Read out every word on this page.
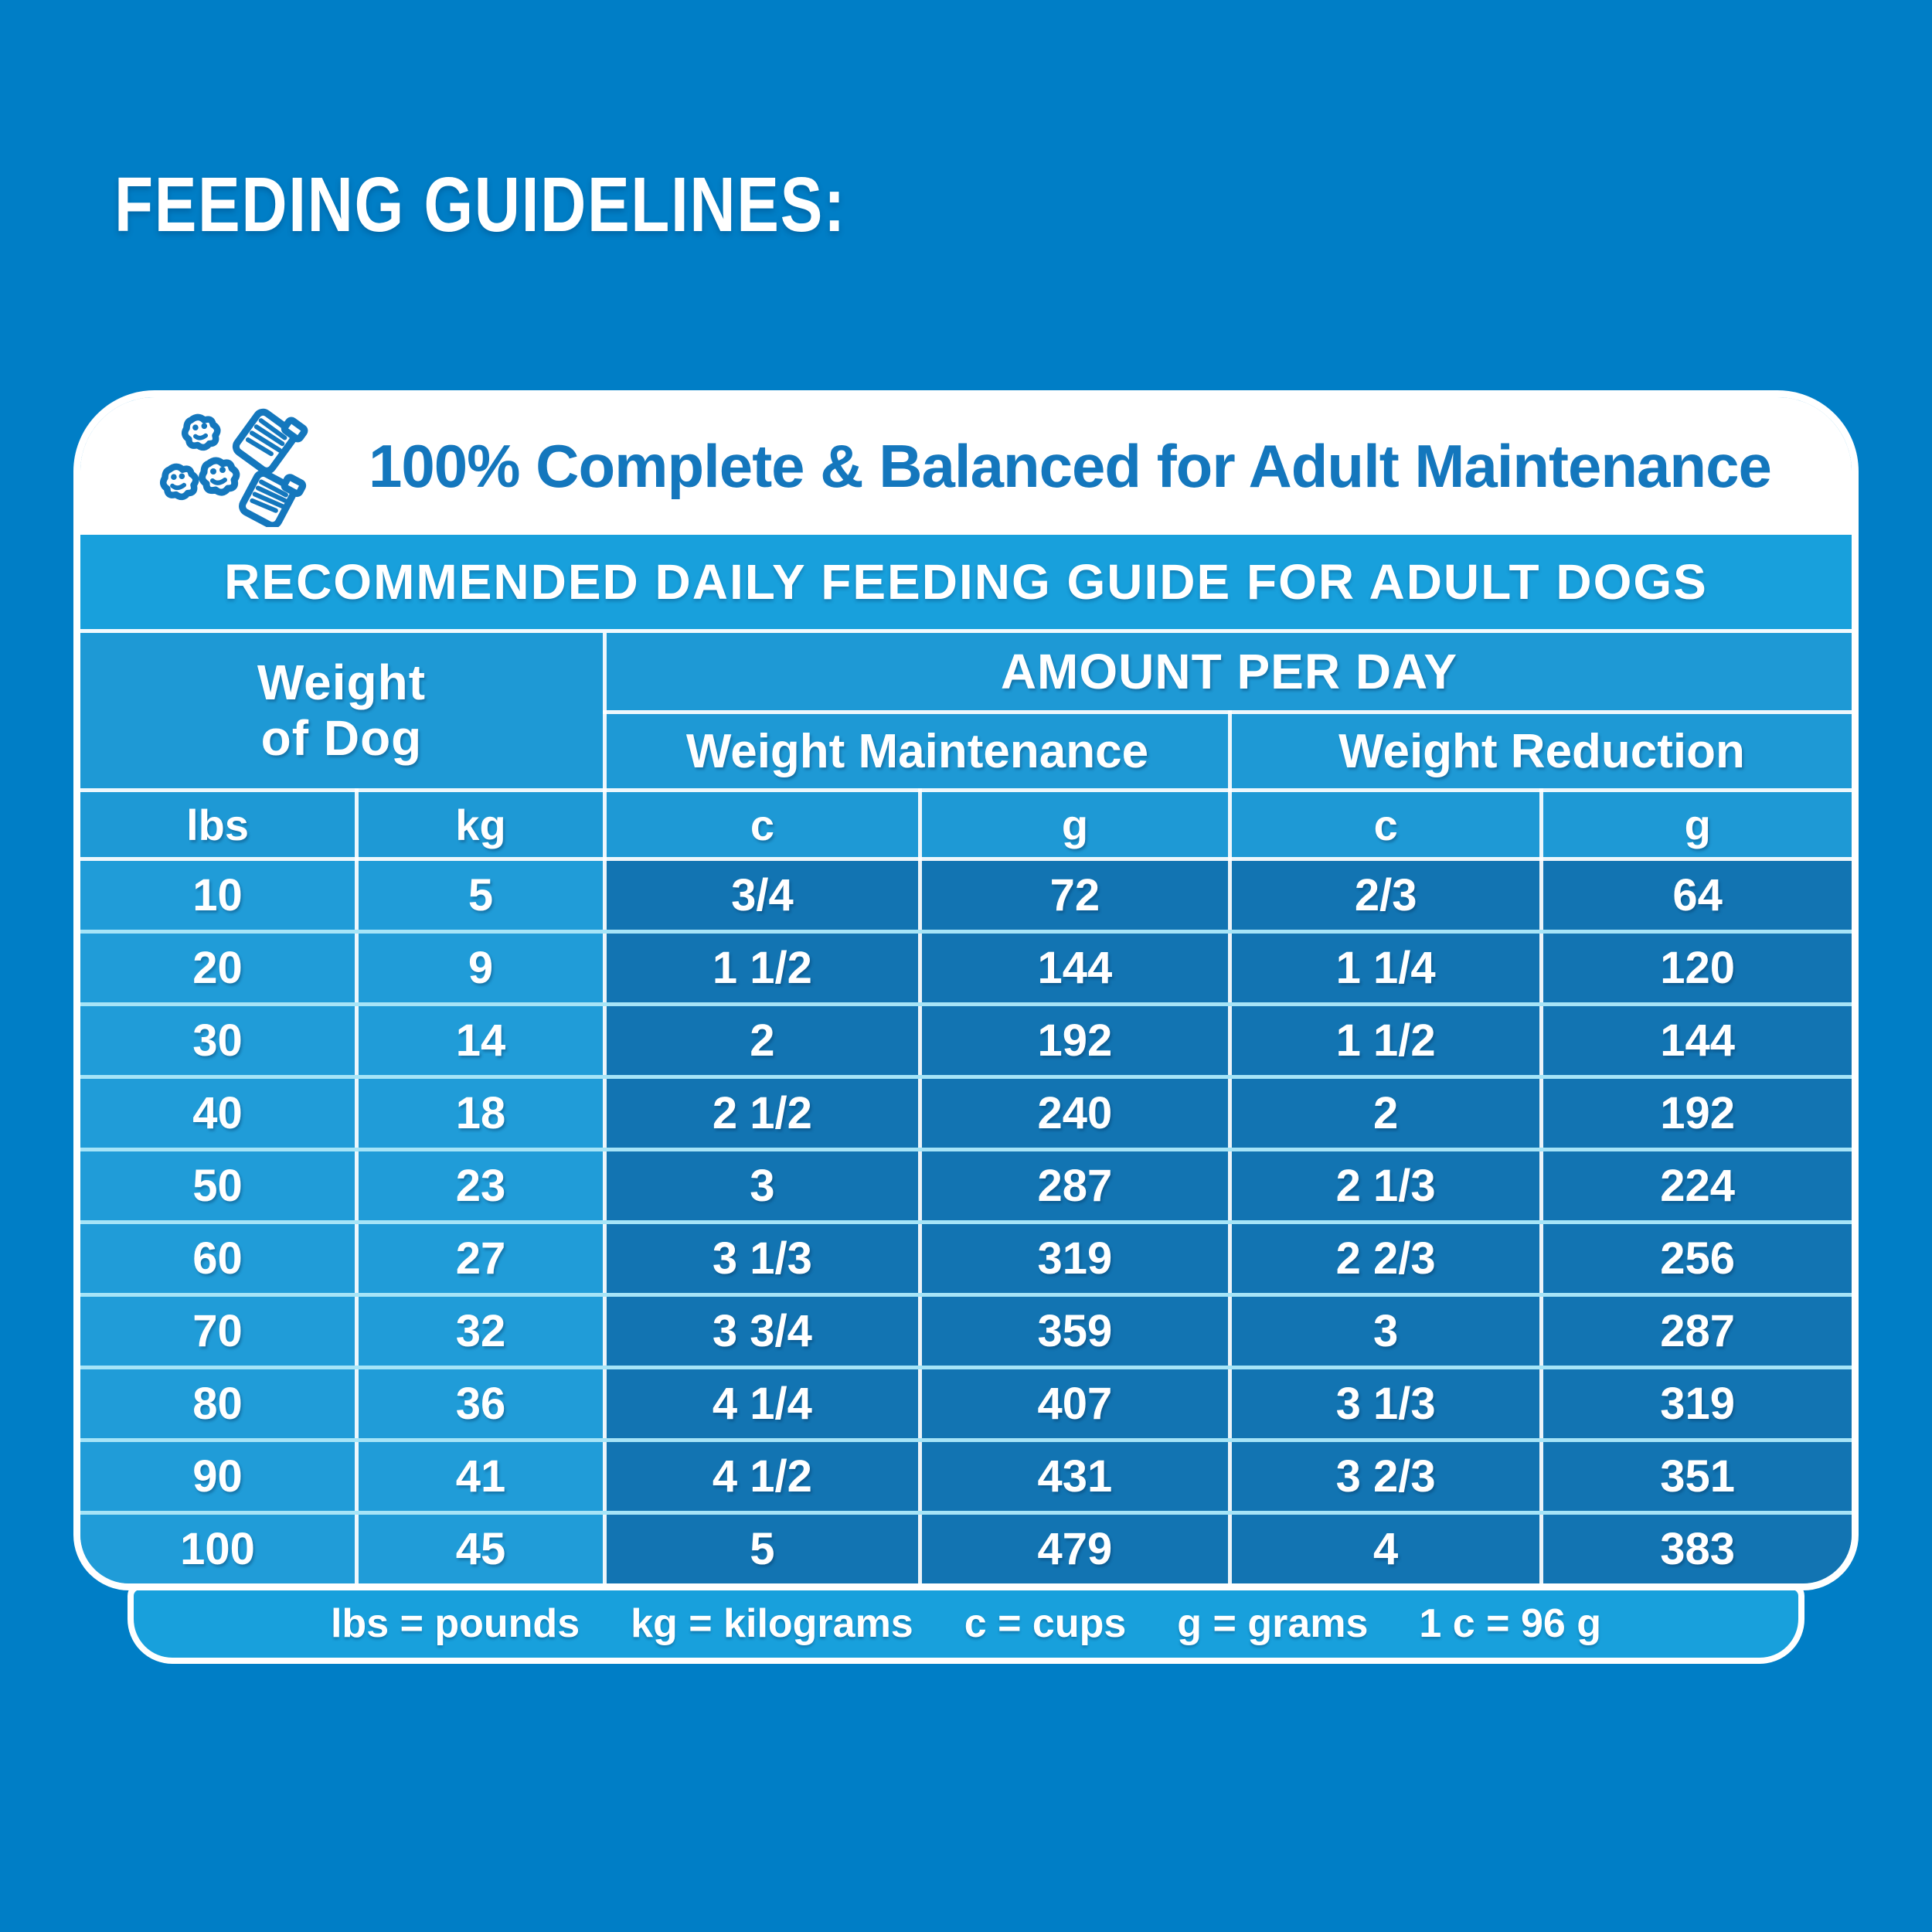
FEEDING GUIDELINES:
100% Complete & Balanced for Adult Maintenance
RECOMMENDED DAILY FEEDING GUIDE FOR ADULT DOGS
Weight
of Dog		AMOUNT PER DAY			
		Weight Maintenance		Weight Reduction	
lbs	kg	c	g	c	g
10	5	3/4	72	2/3	64
20	9	1 1/2	144	1 1/4	120
30	14	2	192	1 1/2	144
40	18	2 1/2	240	2	192
50	23	3	287	2 1/3	224
60	27	3 1/3	319	2 2/3	256
70	32	3 3/4	359	3	287
80	36	4 1/4	407	3 1/3	319
90	41	4 1/2	431	3 2/3	351
100	45	5	479	4	383
lbs = pounds kg = kilograms c = cups g = grams 1 c = 96 g
